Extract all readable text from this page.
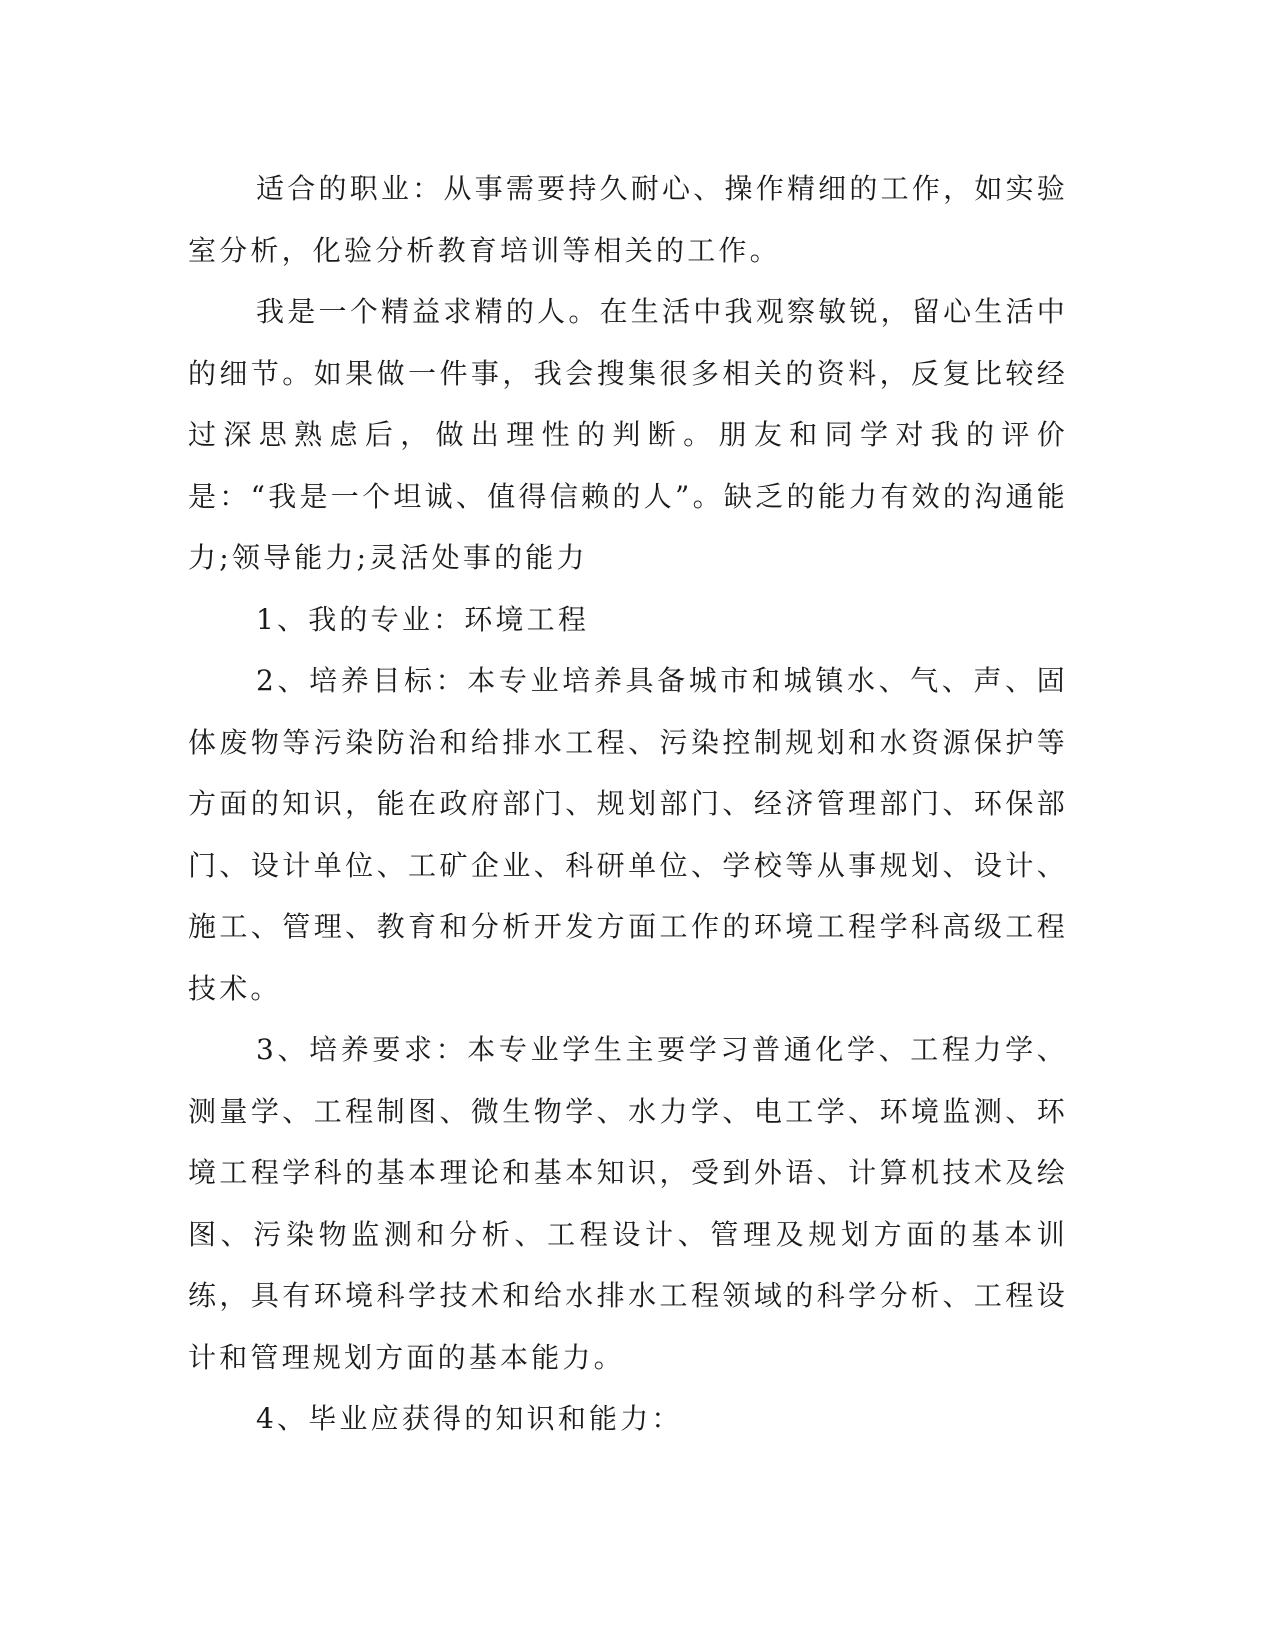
适合的职业：从事需要持久耐心、操作精细的工作，如实验室分析，化验分析教育培训等相关的工作。

我是一个精益求精的人。在生活中我观察敏锐，留心生活中的细节。如果做一件事，我会搜集很多相关的资料，反复比较经过深思熟虑后，做出理性的判断。朋友和同学对我的评价是：“我是一个坦诚、值得信赖的人”。缺乏的能力有效的沟通能力;领导能力;灵活处事的能力

1、我的专业：环境工程

2、培养目标：本专业培养具备城市和城镇水、气、声、固体废物等污染防治和给排水工程、污染控制规划和水资源保护等方面的知识，能在政府部门、规划部门、经济管理部门、环保部门、设计单位、工矿企业、科研单位、学校等从事规划、设计、施工、管理、教育和分析开发方面工作的环境工程学科高级工程技术。

3、培养要求：本专业学生主要学习普通化学、工程力学、测量学、工程制图、微生物学、水力学、电工学、环境监测、环境工程学科的基本理论和基本知识，受到外语、计算机技术及绘图、污染物监测和分析、工程设计、管理及规划方面的基本训练，具有环境科学技术和给水排水工程领域的科学分析、工程设计和管理规划方面的基本能力。

4、毕业应获得的知识和能力：
